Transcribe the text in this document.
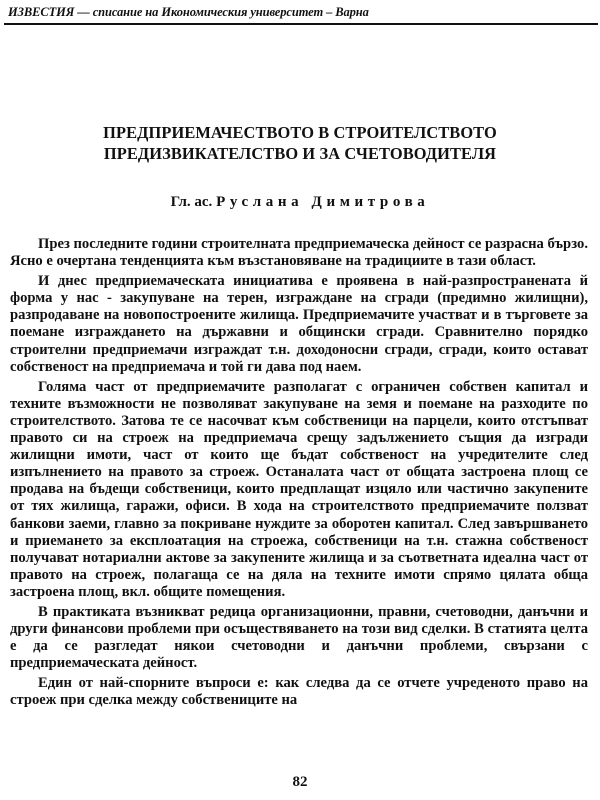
ИЗВЕСТИЯ — списание на Икономическия университет – Варна
ПРЕДПРИЕМАЧЕСТВОТО В СТРОИТЕЛСТВОТО
ПРЕДИЗВИКАТЕЛСТВО И ЗА СЧЕТОВОДИТЕЛЯ
Гл. ас. Руслана Димитрова

През последните години строителната предприемаческа дейност се разрасна бързо. Ясно е очертана тенденцията към възстановяване на традициите в тази област.

И днес предприемаческата инициатива е проявена в най-разпространената й форма у нас - закупуване на терен, изграждане на сгради (предимно жилищни), разпродаване на новопостроените жилища. Предприемачите участват и в търговете за поемане изграждането на държавни и общински сгради. Сравнително порядко строителни предприемачи изграждат т.н. доходоносни сгради, сгради, които остават собственост на предприемача и той ги дава под наем.

Голяма част от предприемачите разполагат с ограничен собствен капитал и техните възможности не позволяват закупуване на земя и поемане на разходите по строителството. Затова те се насочват към собственици на парцели, които отстъпват правото си на строеж на предприемача срещу задължението същия да изгради жилищни имоти, част от които ще бъдат собственост на учредителите след изпълнението на правото за строеж. Останалата част от общата застроена площ се продава на бъдещи собственици, които предплащат изцяло или частично закупените от тях жилища, гаражи, офиси. В хода на строителството предприемачите ползват банкови заеми, главно за покриване нуждите за оборотен капитал. След завършването и приемането за експлоатация на строежа, собственици на т.н. стажна собственост получават нотариални актове за закупените жилища и за съответната идеална част от правото на строеж, полагаща се на дяла на техните имоти спрямо цялата обща застроена площ, вкл. общите помещения.

В практиката възникват редица организационни, правни, счетоводни, данъчни и други финансови проблеми при осъществяването на този вид сделки. В статията целта е да се разгледат някои счетоводни и данъчни проблеми, свързани с предприемаческата дейност.

Един от най-спорните въпроси е: как следва да се отчете учреденото право на строеж при сделка между собствениците на

82
